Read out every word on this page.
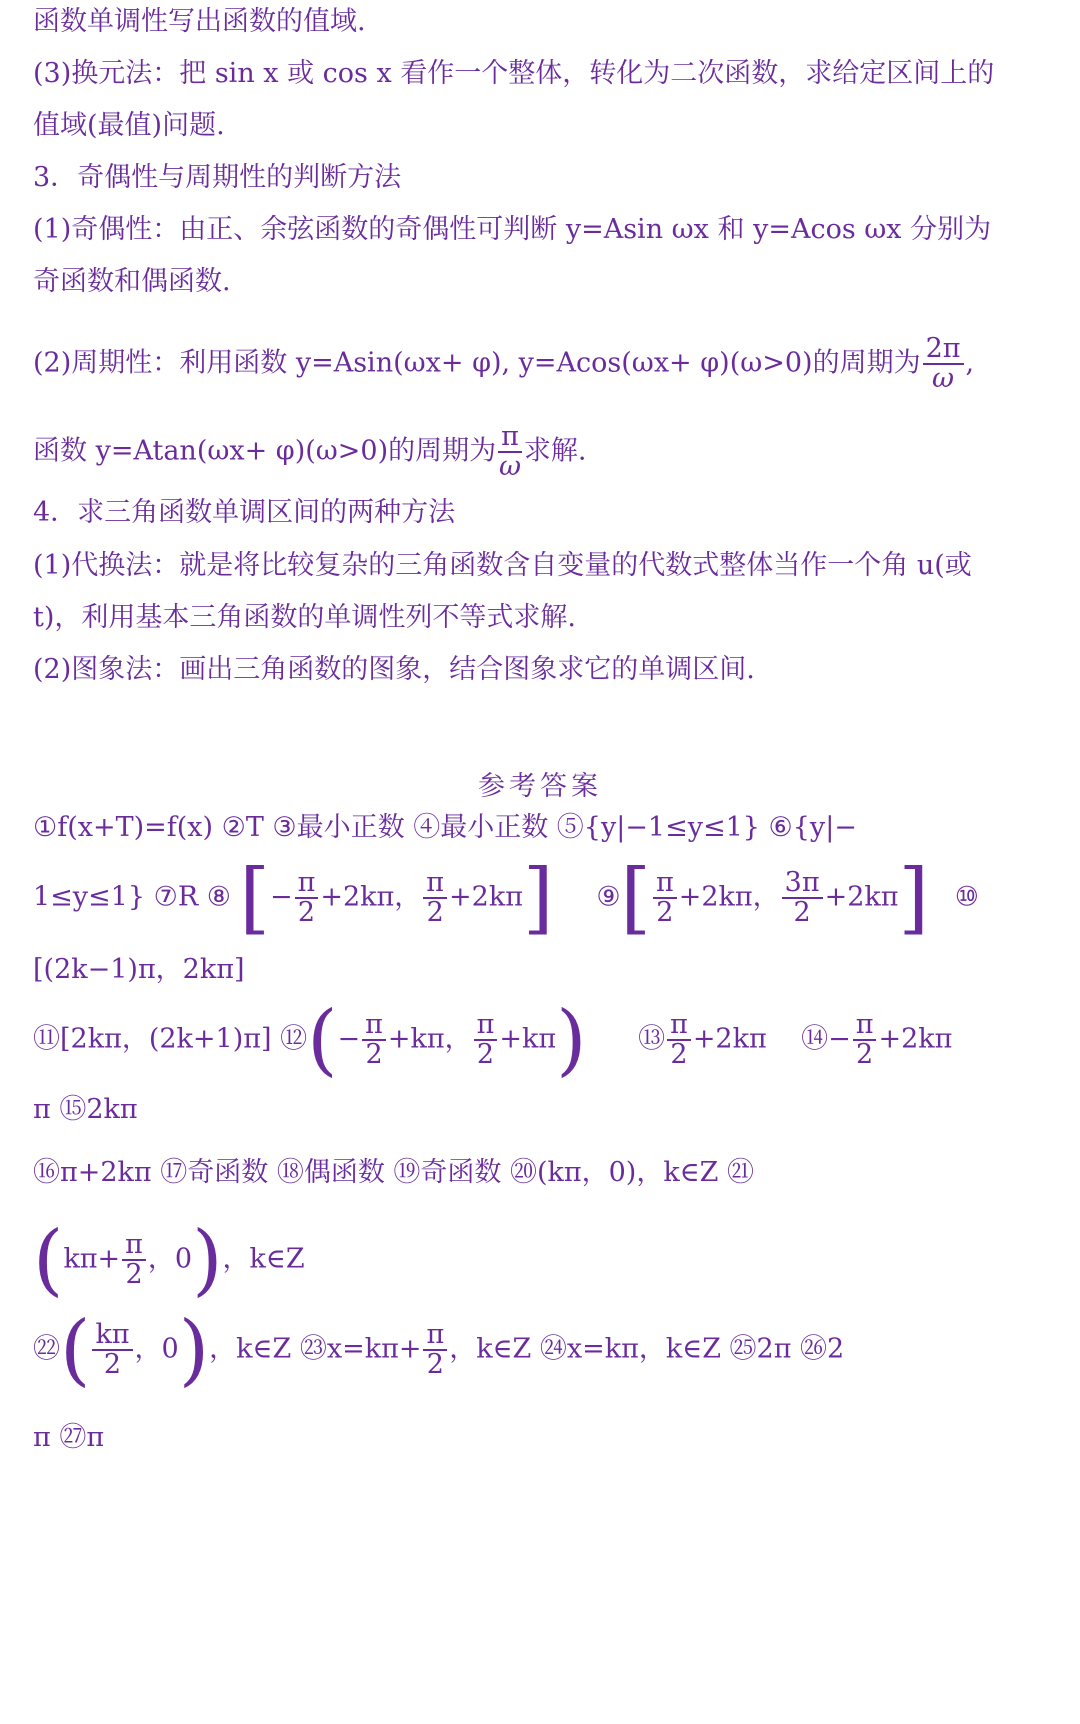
函数单调性写出函数的值域.
(3)换元法：把 sin x 或 cos x 看作一个整体，转化为二次函数，求给定区间上的
值域(最值)问题.
3．奇偶性与周期性的判断方法
(1)奇偶性：由正、余弦函数的奇偶性可判断 y=Asin ωx 和 y=Acos ωx 分别为
奇函数和偶函数.
(2)周期性：利用函数 y=Asin(ωx+ φ), y=Acos(ωx+ φ)(ω>0)的周期为 $\frac{2\pi}{\omega}$ ,
函数 y=Atan(ωx+ φ)(ω>0)的周期为 $\frac{\pi}{\omega}$ 求解.
4．求三角函数单调区间的两种方法
(1)代换法：就是将比较复杂的三角函数含自变量的代数式整体当作一个角 u(或
t)，利用基本三角函数的单调性列不等式求解.
(2)图象法：画出三角函数的图象，结合图象求它的单调区间.
参考答案
①f(x+T)=f(x) ②T ③最小正数 ④最小正数 ⑤{y|−1≤y≤1} ⑥{y|−
1≤y≤1} ⑦R ⑧ [− $\frac{\pi}{2} +2k\pi$， $\frac{\pi}{2} +2k\pi$] ⑨[ $\frac{\pi}{2} +2k\pi$， $\frac{3\pi}{2} +2k\pi$] ⑩
[(2k−1)π，2kπ]
⑪[2kπ，(2k+1)π] ⑫(− $\frac{\pi}{2} +k\pi$， $\frac{\pi}{2} +k\pi$) ⑬ $\frac{\pi}{2} +2k\pi$ ⑭− $\frac{\pi}{2} +2k\pi$
π ⑮2kπ
⑯π+2kπ ⑰奇函数 ⑱偶函数 ⑲奇函数 ⑳(kπ，0)，k∈Z ㉑
($k\pi+ \frac{\pi}{2}$ ，0)，k∈Z
㉒( $\frac{k\pi}{2}$ ，0)，k∈Z ㉓x=kπ+ $\frac{\pi}{2}$ ，k∈Z ㉔x=kπ，k∈Z ㉕2π ㉖2
π ㉗π
